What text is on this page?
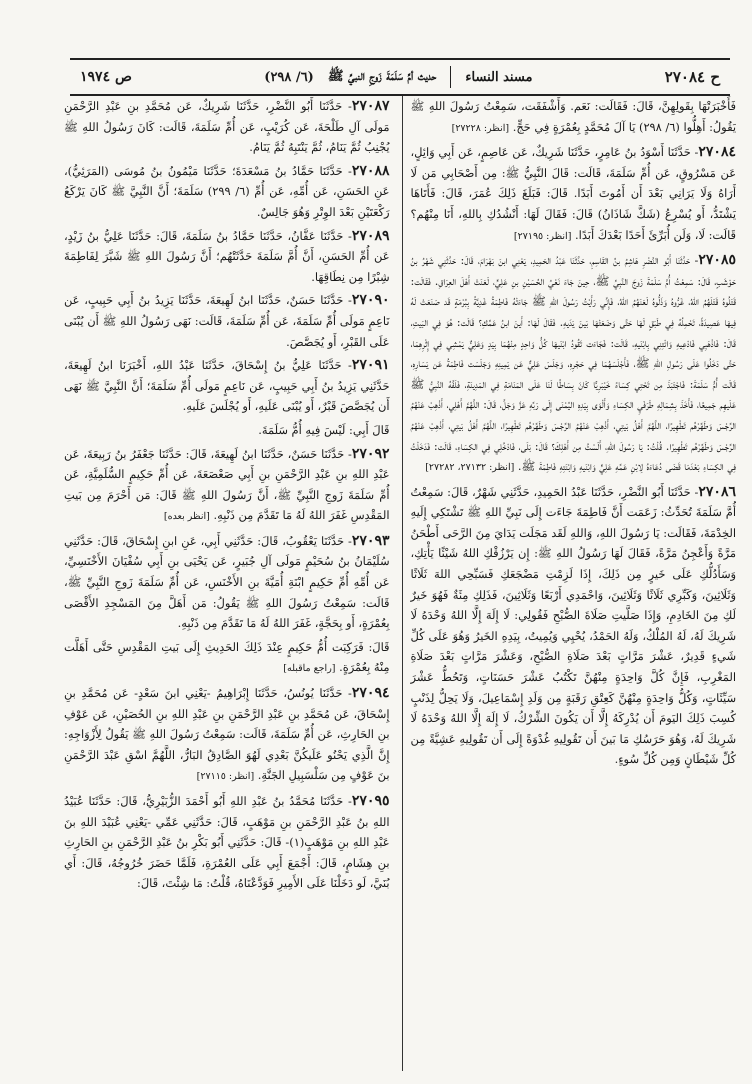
ح ٢٧٠٨٤
مسند النساء
حديث أمِّ سَلَمَةَ زَوجِ النبيِّ ﷺ
(٦/ ٢٩٨)
ص ١٩٧٤

فَأَخْبَرَتْهَا بِقَولِهِنَّ، قَالَ: فَقَالَت: نَعَم. وَأَشْفَقَت، سَمِعْتُ رَسُولَ اللهِ ﷺ يَقُولُ: أَهِلُّوا (٦/ ٢٩٨) يَا آلَ مُحَمَّدٍ بِعُمْرَةٍ فِي حَجٍّ. [انظر: ٢٧٢٢٨]

٢٧٠٨٤- حَدَّثَنَا أَسْوَدُ بنُ عَامِرٍ، حَدَّثَنَا شَرِيكٌ، عَن عَاصِمٍ، عَن أَبِي وَائِلٍ، عَن مَسْرُوقٍ، عَن أُمِّ سَلَمَةَ، قَالَت: قَالَ النَّبِيُّ ﷺ: مِن أَصْحَابِي مَن لَا أَرَاهُ وَلَا يَرَانِي بَعْدَ أَن أَمُوتَ أَبَدًا. قَالَ: فَبَلَغَ ذَلِكَ عُمَرَ، قَالَ: فَأَتَاهَا يَشْتَدُّ، أَو يُسْرِعُ (شَكَّ شَاذَانُ) قَالَ: فَقَالَ لَهَا: أَنْشُدُكِ بِاللهِ، أَنَا مِنْهُم؟ قَالَت: لَا، وَلَن أُبَرِّئَ أَحَدًا بَعْدَكَ أَبَدًا. [انظر: ٢٧١٩٥]

٢٧٠٨٥- حَدَّثَنَا أَبُو النَّضْرِ هَاشِمُ بنُ القَاسِمِ، حَدَّثَنَا عَبْدُ الحَمِيدِ، يَعْنِي ابنَ بَهْرَامَ، قَالَ: حَدَّثَنِي شَهْرُ بنُ حَوْشَبٍ، قَالَ: سَمِعْتُ أُمَّ سَلَمَةَ زَوجَ النَّبِيِّ ﷺ، حِينَ جَاءَ نَعْيُ الحُسَيْنِ بنِ عَلِيٍّ، لَعَنَتْ أَهْلَ العِرَاقِ. فَقَالَت: قَتَلُوهُ قَتَلَهُمُ اللهُ، غَرُّوهُ وَذَلُّوهُ لَعَنَهُمُ اللهُ، فَإِنِّي رَأَيْتُ رَسُولَ اللهِ ﷺ جَاءَتْهُ فَاطِمَةُ غَدِيَّةً بِبُرْمَةٍ قَد صَنَعَتْ لَهُ فِيهَا عَصِيدَةً، تَحْمِلُهُ فِي طَبَقٍ لَهَا حَتَّى وَضَعَتْهَا بَينَ يَدَيهِ. فَقَالَ لَهَا: أَينَ ابنُ عَمِّكِ؟ قَالَت: هُوَ فِي البَيتِ، قَالَ: فَاذْهَبِي فَادْعِيهِ وَائْتِنِي بِابْنَيهِ، قَالَت: فَجَاءَت تَقُودُ ابْنَيهَا كُلُّ وَاحِدٍ مِنْهُمَا بِيَدٍ وَعَلِيٌّ يَمْشِي فِي إِثْرِهِمَا، حَتَّى دَخَلُوا عَلَى رَسُولِ اللهِ ﷺ، فَأَجْلَسَهُمَا فِي حَجْرِهِ، وَجَلَسَ عَلِيٌّ عَن يَمِينِهِ وَجَلَسَت فَاطِمَةُ عَن يَسَارِهِ، قَالَت أُمُّ سَلَمَةَ: فَاجْتَبَذَ مِن تَحْتِي كِسَاءً خَيْبَرِيًّا كَانَ بِسَاطًا لَنَا عَلَى المَنَامَةِ فِي المَدِينَةِ، فَلَفَّهُ النَّبِيُّ ﷺ عَلَيهِم جَمِيعًا، فَأَخَذَ بِشِمَالِهِ طَرَفَيِ الكِسَاءِ وَأَلْوَى بِيَدِهِ اليُمْنَى إِلَى رَبِّهِ عَزَّ وَجَلَّ، قَالَ: اللَّهُمَّ أَهْلِي، أَذْهِبْ عَنْهُمُ الرِّجْسَ وَطَهِّرْهُم تَطْهِيرًا، اللَّهُمَّ أَهْلُ بَيتِي، أَذْهِبْ عَنْهُمُ الرِّجْسَ وَطَهِّرْهُم تَطْهِيرًا، اللَّهُمَّ أَهْلُ بَيتِي، أَذْهِبْ عَنْهُمُ الرِّجْسَ وَطَهِّرْهُم تَطْهِيرًا. قُلْتُ: يَا رَسُولَ اللهِ، أَلَسْتُ مِن أَهْلِكَ؟ قَالَ: بَلَى، فَادْخُلِي فِي الكِسَاءِ، قَالَت: فَدَخَلْتُ فِي الكِسَاءِ بَعْدَمَا قَضَى دُعَاءَهُ لِابْنِ عَمِّهِ عَلِيٍّ وَابْنَيهِ وَابْنَتِهِ فَاطِمَةَ ﷺ. [انظر: ٢٧١٣٢، ٢٧٢٨٢]

٢٧٠٨٦- حَدَّثَنَا أَبُو النَّضْرِ، حَدَّثَنَا عَبْدُ الحَمِيدِ، حَدَّثَنِي شَهْرٌ، قَالَ: سَمِعْتُ أُمَّ سَلَمَةَ تُحَدِّثُ: زَعَمَت أَنَّ فَاطِمَةَ جَاءَت إِلَى نَبِيِّ اللهِ ﷺ تَشْتَكِي إِلَيهِ الخِدْمَةَ، فَقَالَت: يَا رَسُولَ اللهِ، وَاللهِ لَقَد مَجَلَت يَدَايَ مِنَ الرَّحَى أَطْحَنُ مَرَّةً وَأَعْجِنُ مَرَّةً، فَقَالَ لَهَا رَسُولُ اللهِ ﷺ: إِن يَرْزُقْكِ اللهُ شَيْئًا يَأْتِكِ، وَسَأَدُلُّكِ عَلَى خَيرٍ مِن ذَلِكَ، إِذَا لَزِمْتِ مَضْجَعَكِ فَسَبِّحِي اللهَ ثَلَاثًا وَثَلَاثِينَ، وَكَبِّرِي ثَلَاثًا وَثَلَاثِينَ، وَاحْمَدِي أَرْبَعًا وَثَلَاثِينَ، فَذَلِكِ مِئَةٌ فَهُوَ خَيرٌ لَكِ مِنَ الخَادِمِ، وَإِذَا صَلَّيتِ صَلَاةَ الصُّبْحِ فَقُولِي: لَا إِلَهَ إِلَّا اللهُ وَحْدَهُ لَا شَرِيكَ لَهُ، لَهُ المُلْكُ، وَلَهُ الحَمْدُ، يُحْيِي وَيُمِيتُ، بِيَدِهِ الخَيرُ وَهُوَ عَلَى كُلِّ شَيءٍ قَدِيرٌ، عَشْرَ مَرَّاتٍ بَعْدَ صَلَاةِ الصُّبْحِ، وَعَشْرَ مَرَّاتٍ بَعْدَ صَلَاةِ المَغْرِبِ، فَإِنَّ كُلَّ وَاحِدَةٍ مِنْهُنَّ تَكْتُبُ عَشْرَ حَسَنَاتٍ، وَتَحُطُّ عَشْرَ سَيِّئَاتٍ، وَكُلُّ وَاحِدَةٍ مِنْهُنَّ كَعِتْقِ رَقَبَةٍ مِن وَلَدِ إِسْمَاعِيلَ، وَلَا يَحِلُّ لِذَنْبٍ كُسِبَ ذَلِكَ اليَومَ أَن يُدْرِكَهُ إِلَّا أَن يَكُونَ الشِّرْكُ، لَا إِلَهَ إِلَّا اللهُ وَحْدَهُ لَا شَرِيكَ لَهُ، وَهُوَ حَرَسُكِ مَا بَينَ أَن تَقُولِيهِ غُدْوَةً إِلَى أَن تَقُولِيهِ عَشِيَّةً مِن كُلِّ شَيْطَانٍ وَمِن كُلِّ سُوءٍ.

٢٧٠٨٧- حَدَّثَنَا أَبُو النَّضْرِ، حَدَّثَنَا شَرِيكٌ، عَن مُحَمَّدِ بنِ عَبْدِ الرَّحْمَنِ مَولَى آلِ طَلْحَةَ، عَن كُرَيْبٍ، عَن أُمِّ سَلَمَةَ، قَالَت: كَانَ رَسُولُ اللهِ ﷺ يُجْنِبُ ثُمَّ يَنَامُ، ثُمَّ يَنْتَبِهُ ثُمَّ يَنَامُ.

٢٧٠٨٨- حَدَّثَنَا حَمَّادُ بنُ مَسْعَدَةَ؛ حَدَّثَنَا مَيْمُونُ بنُ مُوسَى (المَرَئِيُّ)، عَنِ الحَسَنِ، عَن أُمِّهِ، عَن أُمِّ (٦/ ٢٩٩) سَلَمَةَ؛ أَنَّ النَّبِيَّ ﷺ كَانَ يَرْكَعُ رَكْعَتَيْنِ بَعْدَ الوِتْرِ وَهُوَ جَالِسٌ.

٢٧٠٨٩- حَدَّثَنَا عَفَّانُ، حَدَّثَنَا حَمَّادُ بنُ سَلَمَةَ، قَالَ: حَدَّثَنَا عَلِيُّ بنُ زَيْدٍ، عَن أُمِّ الحَسَنِ، أَنَّ أُمَّ سَلَمَةَ حَدَّثَتْهُم؛ أَنَّ رَسُولَ اللهِ ﷺ شَبَّرَ لِفَاطِمَةَ شِبْرًا مِن نِطَاقِهَا.

٢٧٠٩٠- حَدَّثَنَا حَسَنٌ، حَدَّثَنَا ابنُ لَهِيعَةَ، حَدَّثَنَا يَزِيدُ بنُ أَبِي حَبِيبٍ، عَن نَاعِمٍ مَولَى أُمِّ سَلَمَةَ، عَن أُمِّ سَلَمَةَ، قَالَت: نَهَى رَسُولُ اللهِ ﷺ أَن يُبْنَى عَلَى القَبْرِ، أَو يُجَصَّصَ.

٢٧٠٩١- حَدَّثَنَا عَلِيُّ بنُ إِسْحَاقَ، حَدَّثَنَا عَبْدُ اللهِ، أَخْبَرَنَا ابنُ لَهِيعَةَ، حَدَّثَنِي يَزِيدُ بنُ أَبِي حَبِيبٍ، عَن نَاعِمٍ مَولَى أُمِّ سَلَمَةَ؛ أَنَّ النَّبِيَّ ﷺ نَهَى أَن يُجَصَّصَ قَبْرٌ، أَو يُبْنَى عَلَيهِ، أَو يُجْلَسَ عَلَيهِ.

قَالَ أَبِي: لَيْسَ فِيهِ أُمُّ سَلَمَةَ.

٢٧٠٩٢- حَدَّثَنَا حَسَنٌ، حَدَّثَنَا ابنُ لَهِيعَةَ، قَالَ: حَدَّثَنَا جَعْفَرُ بنُ رَبِيعَةَ، عَن عَبْدِ اللهِ بنِ عَبْدِ الرَّحْمَنِ بنِ أَبِي صَعْصَعَةَ، عَن أُمِّ حَكِيمٍ السُّلَمِيَّةِ، عَن أُمِّ سَلَمَةَ زَوجِ النَّبِيِّ ﷺ، أَنَّ رَسُولَ اللهِ ﷺ قَالَ: مَن أَحْرَمَ مِن بَيتِ المَقْدِسِ غَفَرَ اللهُ لَهُ مَا تَقَدَّمَ مِن ذَنْبِهِ. [انظر بعده]

٢٧٠٩٣- حَدَّثَنَا يَعْقُوبُ، قَالَ: حَدَّثَنِي أَبِي، عَنِ ابنِ إِسْحَاقَ، قَالَ: حَدَّثَنِي سُلَيْمَانُ بنُ سُحَيْمٍ مَولَى آلِ جُبَيرٍ، عَن يَحْيَى بنِ أَبِي سُفْيَانَ الأَخْنَسِيِّ، عَن أُمِّهِ أُمِّ حَكِيمٍ ابْنَةِ أُمَيَّةَ بنِ الأَخْنَسِ، عَن أُمِّ سَلَمَةَ زَوجِ النَّبِيِّ ﷺ، قَالَت: سَمِعْتُ رَسُولَ اللهِ ﷺ يَقُولُ: مَن أَهَلَّ مِنَ المَسْجِدِ الأَقْصَى بِعُمْرَةٍ، أَو بِحَجَّةٍ، غَفَرَ اللهُ لَهُ مَا تَقَدَّمَ مِن ذَنْبِهِ.

قَالَ: فَرَكِبَت أُمُّ حَكِيمٍ عِنْدَ ذَلِكَ الحَدِيثِ إِلَى بَيتِ المَقْدِسِ حَتَّى أَهَلَّت مِنْهُ بِعُمْرَةٍ. [راجع ماقبله]

٢٧٠٩٤- حَدَّثَنَا يُونُسُ، حَدَّثَنَا إِبْرَاهِيمُ -يَعْنِي ابنَ سَعْدٍ- عَن مُحَمَّدِ بنِ إِسْحَاقَ، عَن مُحَمَّدِ بنِ عَبْدِ الرَّحْمَنِ بنِ عَبْدِ اللهِ بنِ الحُصَيْنِ، عَن عَوْفِ بنِ الحَارِثِ، عَن أُمِّ سَلَمَةَ، قَالَت: سَمِعْتُ رَسُولَ اللهِ ﷺ يَقُولُ لِأَزْوَاجِهِ: إِنَّ الَّذِي يَحْنُو عَلَيكُنَّ بَعْدِي لَهُوَ الصَّادِقُ البَارُّ، اللَّهُمَّ اسْقِ عَبْدَ الرَّحْمَنِ بنَ عَوْفٍ مِن سَلْسَبِيلِ الجَنَّةِ. [انظر: ٢٧١١٥]

٢٧٠٩٥- حَدَّثَنَا مُحَمَّدُ بنُ عَبْدِ اللهِ أَبُو أَحْمَدَ الزُّبَيْرِيُّ، قَالَ: حَدَّثَنَا عُبَيْدُ اللهِ بنُ عَبْدِ الرَّحْمَنِ بنِ مَوْهَبٍ، قَالَ: حَدَّثَنِي عَمِّي -يَعْنِي عُبَيْدَ اللهِ بنَ عَبْدِ اللهِ بنِ مَوْهَبٍ(١)- قَالَ: حَدَّثَنِي أَبُو بَكْرِ بنُ عَبْدِ الرَّحْمَنِ بنِ الحَارِثِ بنِ هِشَامٍ، قَالَ: أَجْمَعَ أَبِي عَلَى العُمْرَةِ، فَلَمَّا حَضَرَ خُرُوجُهُ، قَالَ: أَي بُنَيَّ، لَو دَخَلْنَا عَلَى الأَمِيرِ فَوَدَّعْنَاهُ، قُلْتُ: مَا شِئْتَ، قَالَ:
